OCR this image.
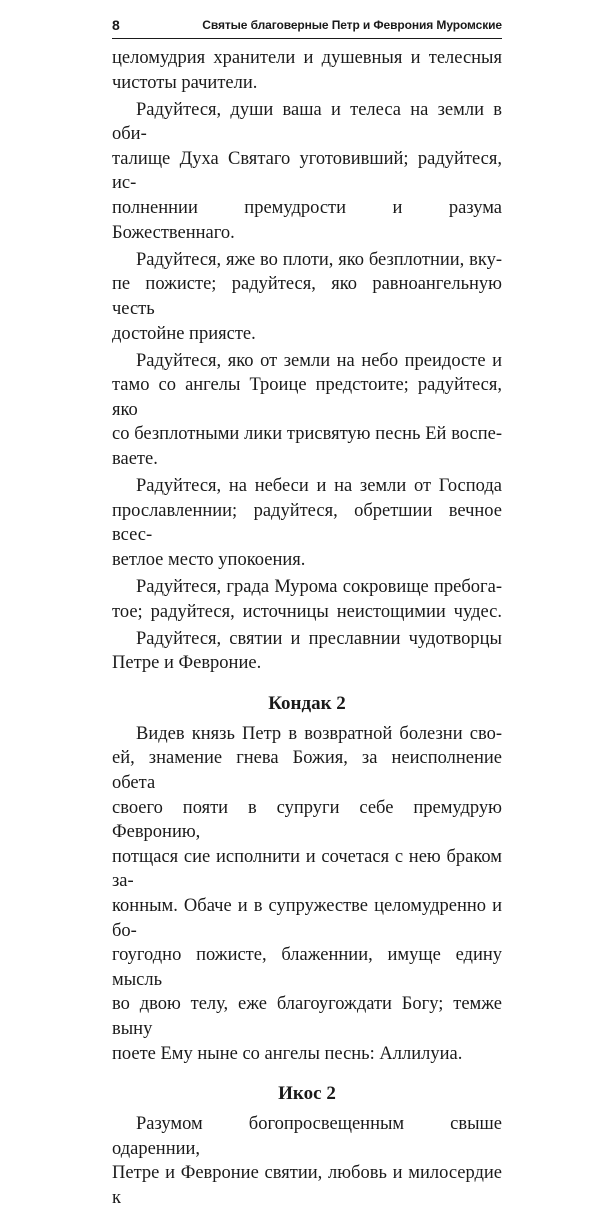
8	Святые благоверные Петр и Феврония Муромские

целомудрия хранители и душевныя и телесныя
чистоты рачители.

Радуйтеся, души ваша и телеса на земли в оби-
талище Духа Святаго уготовивший; радуйтеся, ис-
полненнии премудрости и разума Божественнаго.

Радуйтеся, яже во плоти, яко безплотнии, вку-
пе пожисте; радуйтеся, яко равноангельную честь
достойне приясте.

Радуйтеся, яко от земли на небо преидосте и
тамо со ангелы Троице предстоите; радуйтеся, яко
со безплотными лики трисвятую песнь Ей воспе-
ваете.

Радуйтеся, на небеси и на земли от Господа
прославленнии; радуйтеся, обретшии вечное всес-
ветлое место упокоения.

Радуйтеся, града Мурома сокровище пребога-
тое; радуйтеся, источницы неистощимии чудес.

Радуйтеся, святии и преславнии чудотворцы
Петре и Февроние.

Кондак 2

Видев князь Петр в возвратной болезни сво-
ей, знамение гнева Божия, за неисполнение обета
своего пояти в супруги себе премудрую Февронию,
потщася сие исполнити и сочетася с нею браком за-
конным. Обаче и в супружестве целомудренно и бо-
гоугодно пожисте, блаженнии, имуще едину мысль
во двою телу, еже благоугождати Богу; темже выну
поете Ему ныне со ангелы песнь: Аллилуиа.

Икос 2

Разумом богопросвещенным свыше одареннии,
Петре и Февроние святии, любовь и милосердие к
